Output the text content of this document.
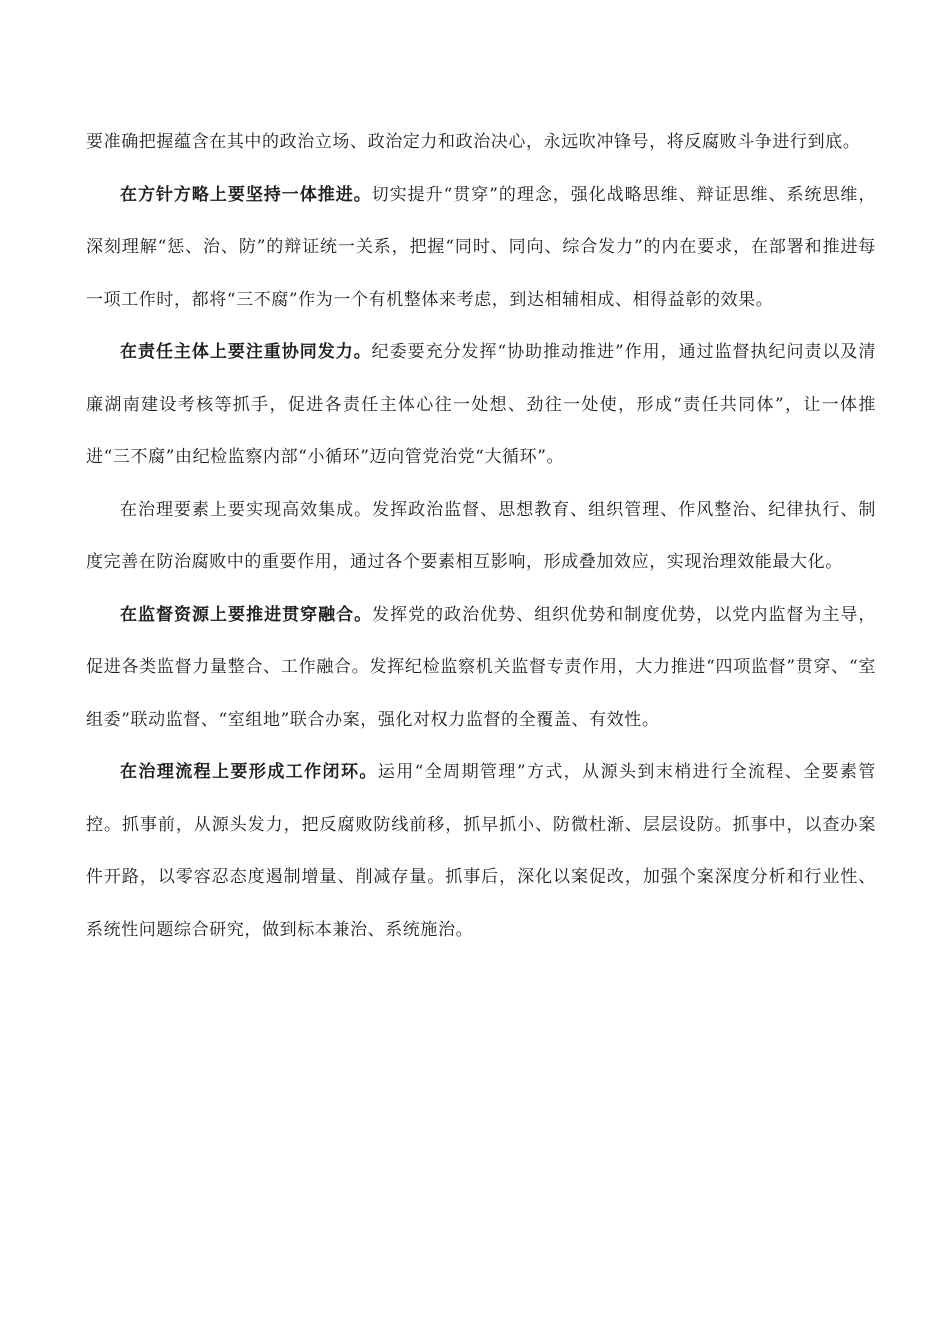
要准确把握蕴含在其中的政治立场、政治定力和政治决心，永远吹冲锋号，将反腐败斗争进行到底。

在方针方略上要坚持一体推进。切实提升“贯穿”的理念，强化战略思维、辩证思维、系统思维，深刻理解“惩、治、防”的辩证统一关系，把握“同时、同向、综合发力”的内在要求，在部署和推进每一项工作时，都将“三不腐”作为一个有机整体来考虑，到达相辅相成、相得益彰的效果。

在责任主体上要注重协同发力。纪委要充分发挥“协助推动推进”作用，通过监督执纪问责以及清廉湖南建设考核等抓手，促进各责任主体心往一处想、劲往一处使，形成“责任共同体”，让一体推进“三不腐”由纪检监察内部“小循环”迈向管党治党“大循环”。

在治理要素上要实现高效集成。发挥政治监督、思想教育、组织管理、作风整治、纪律执行、制度完善在防治腐败中的重要作用，通过各个要素相互影响，形成叠加效应，实现治理效能最大化。

在监督资源上要推进贯穿融合。发挥党的政治优势、组织优势和制度优势，以党内监督为主导，促进各类监督力量整合、工作融合。发挥纪检监察机关监督专责作用，大力推进“四项监督”贯穿、“室组委”联动监督、“室组地”联合办案，强化对权力监督的全覆盖、有效性。

在治理流程上要形成工作闭环。运用“全周期管理”方式，从源头到末梢进行全流程、全要素管控。抓事前，从源头发力，把反腐败防线前移，抓早抓小、防微杜渐、层层设防。抓事中，以查办案件开路，以零容忍态度遏制增量、削减存量。抓事后，深化以案促改，加强个案深度分析和行业性、系统性问题综合研究，做到标本兼治、系统施治。
